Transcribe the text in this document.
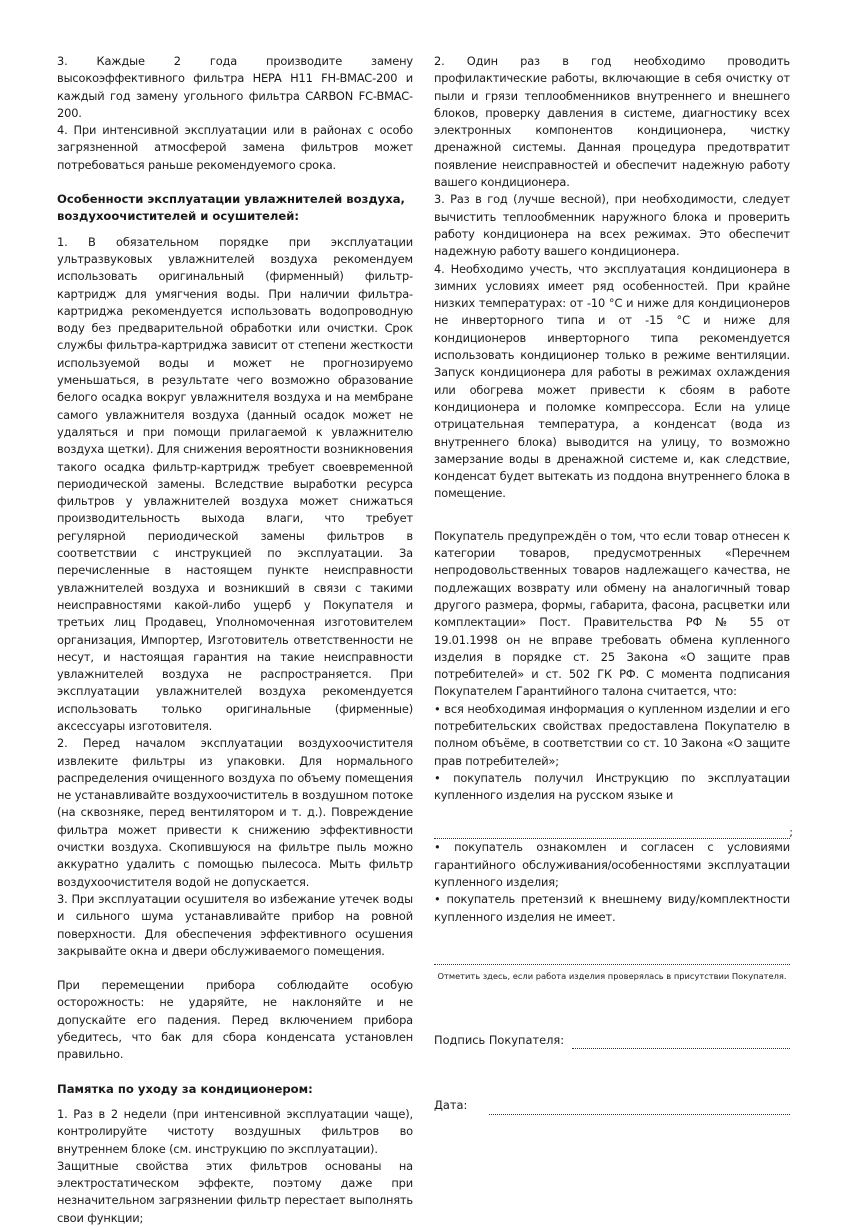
3. Каждые 2 года производите замену высокоэффективного фильтра HEPA H11 FH-BMAC-200 и каждый год замену угольного фильтра CARBON FC-BMAC-200.

4. При интенсивной эксплуатации или в районах с особо загрязненной атмосферой замена фильтров может потребоваться раньше рекомендуемого срока.

Особенности эксплуатации увлажнителей воздуха, воздухоочистителей и осушителей:

1. В обязательном порядке при эксплуатации ультразвуковых увлажнителей воздуха рекомендуем использовать оригинальный (фирменный) фильтр-картридж для умягчения воды. При наличии фильтра-картриджа рекомендуется использовать водопроводную воду без предварительной обработки или очистки. Срок службы фильтра-картриджа зависит от степени жесткости используемой воды и может не прогнозируемо уменьшаться, в результате чего возможно образование белого осадка вокруг увлажнителя воздуха и на мембране самого увлажнителя воздуха (данный осадок может не удаляться и при помощи прилагаемой к увлажнителю воздуха щетки). Для снижения вероятности возникновения такого осадка фильтр-картридж требует своевременной периодической замены. Вследствие выработки ресурса фильтров у увлажнителей воздуха может снижаться производительность выхода влаги, что требует регулярной периодической замены фильтров в соответствии с инструкцией по эксплуатации. За перечисленные в настоящем пункте неисправности увлажнителей воздуха и возникший в связи с такими неисправностями какой-либо ущерб у Покупателя и третьих лиц Продавец, Уполномоченная изготовителем организация, Импортер, Изготовитель ответственности не несут, и настоящая гарантия на такие неисправности увлажнителей воздуха не распространяется. При эксплуатации увлажнителей воздуха рекомендуется использовать только оригинальные (фирменные) аксессуары изготовителя.

2. Перед началом эксплуатации воздухоочистителя извлеките фильтры из упаковки. Для нормального распределения очищенного воздуха по объему помещения не устанавливайте воздухоочиститель в воздушном потоке (на сквозняке, перед вентилятором и т. д.). Повреждение фильтра может привести к снижению эффективности очистки воздуха. Скопившуюся на фильтре пыль можно аккуратно удалить с помощью пылесоса. Мыть фильтр воздухоочистителя водой не допускается.

3. При эксплуатации осушителя во избежание утечек воды и сильного шума устанавливайте прибор на ровной поверхности. Для обеспечения эффективного осушения закрывайте окна и двери обслуживаемого помещения.

При перемещении прибора соблюдайте особую осторожность: не ударяйте, не наклоняйте и не допускайте его падения. Перед включением прибора убедитесь, что бак для сбора конденсата установлен правильно.

Памятка по уходу за кондиционером:

1. Раз в 2 недели (при интенсивной эксплуатации чаще), контролируйте чистоту воздушных фильтров во внутреннем блоке (см. инструкцию по эксплуатации).

Защитные свойства этих фильтров основаны на электростатическом эффекте, поэтому даже при незначительном загрязнении фильтр перестает выполнять свои функции;

2. Один раз в год необходимо проводить профилактические работы, включающие в себя очистку от пыли и грязи теплообменников внутреннего и внешнего блоков, проверку давления в системе, диагностику всех электронных компонентов кондиционера, чистку дренажной системы. Данная процедура предотвратит появление неисправностей и обеспечит надежную работу вашего кондиционера.

3. Раз в год (лучше весной), при необходимости, следует вычистить теплообменник наружного блока и проверить работу кондиционера на всех режимах. Это обеспечит надежную работу вашего кондиционера.

4. Необходимо учесть, что эксплуатация кондиционера в зимних условиях имеет ряд особенностей. При крайне низких температурах: от -10 °С и ниже для кондиционеров не инверторного типа и от -15 °С и ниже для кондиционеров инверторного типа рекомендуется использовать кондиционер только в режиме вентиляции. Запуск кондиционера для работы в режимах охлаждения или обогрева может привести к сбоям в работе кондиционера и поломке компрессора. Если на улице отрицательная температура, а конденсат (вода из внутреннего блока) выводится на улицу, то возможно замерзание воды в дренажной системе и, как следствие, конденсат будет вытекать из поддона внутреннего блока в помещение.

Покупатель предупреждён о том, что если товар отнесен к категории товаров, предусмотренных «Перечнем непродовольственных товаров надлежащего качества, не подлежащих возврату или обмену на аналогичный товар другого размера, формы, габарита, фасона, расцветки или комплектации» Пост. Правительства РФ № 55 от 19.01.1998 он не вправе требовать обмена купленного изделия в порядке ст. 25 Закона «О защите прав потребителей» и ст. 502 ГК РФ. С момента подписания Покупателем Гарантийного талона считается, что:

• вся необходимая информация о купленном изделии и его потребительских свойствах предоставлена Покупателю в полном объёме, в соответствии со ст. 10 Закона «О защите прав потребителей»;

• покупатель получил Инструкцию по эксплуатации купленного изделия на русском языке и

;

• покупатель ознакомлен и согласен с условиями гарантийного обслуживания/особенностями эксплуатации купленного изделия;

• покупатель претензий к внешнему виду/комплектности купленного изделия не имеет.

Отметить здесь, если работа изделия проверялась в присутствии Покупателя.
Подпись Покупателя:
Дата:
